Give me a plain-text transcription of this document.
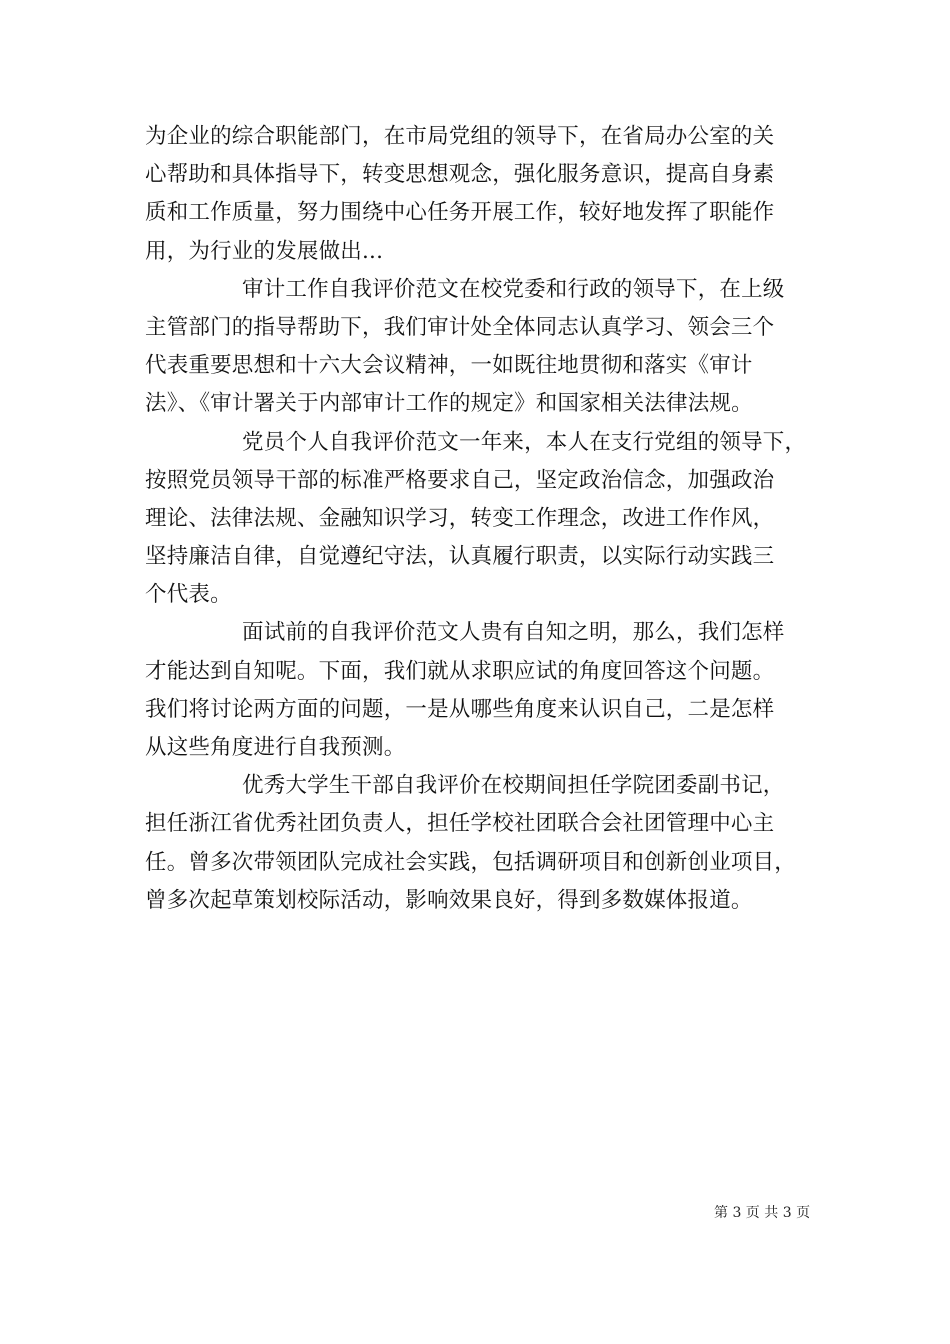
为企业的综合职能部门，在市局党组的领导下，在省局办公室的关
心帮助和具体指导下，转变思想观念，强化服务意识，提高自身素
质和工作质量，努力围绕中心任务开展工作，较好地发挥了职能作
用，为行业的发展做出...
审计工作自我评价范文在校党委和行政的领导下，在上级
主管部门的指导帮助下，我们审计处全体同志认真学习、领会三个
代表重要思想和十六大会议精神，一如既往地贯彻和落实《审计
法》、《审计署关于内部审计工作的规定》和国家相关法律法规。
党员个人自我评价范文一年来，本人在支行党组的领导下，
按照党员领导干部的标准严格要求自己，坚定政治信念，加强政治
理论、法律法规、金融知识学习，转变工作理念，改进工作作风，
坚持廉洁自律，自觉遵纪守法，认真履行职责，以实际行动实践三
个代表。
面试前的自我评价范文人贵有自知之明，那么，我们怎样
才能达到自知呢。下面，我们就从求职应试的角度回答这个问题。
我们将讨论两方面的问题，一是从哪些角度来认识自己，二是怎样
从这些角度进行自我预测。
优秀大学生干部自我评价在校期间担任学院团委副书记，
担任浙江省优秀社团负责人，担任学校社团联合会社团管理中心主
任。曾多次带领团队完成社会实践，包括调研项目和创新创业项目，
曾多次起草策划校际活动，影响效果良好，得到多数媒体报道。
第 3 页 共 3 页
